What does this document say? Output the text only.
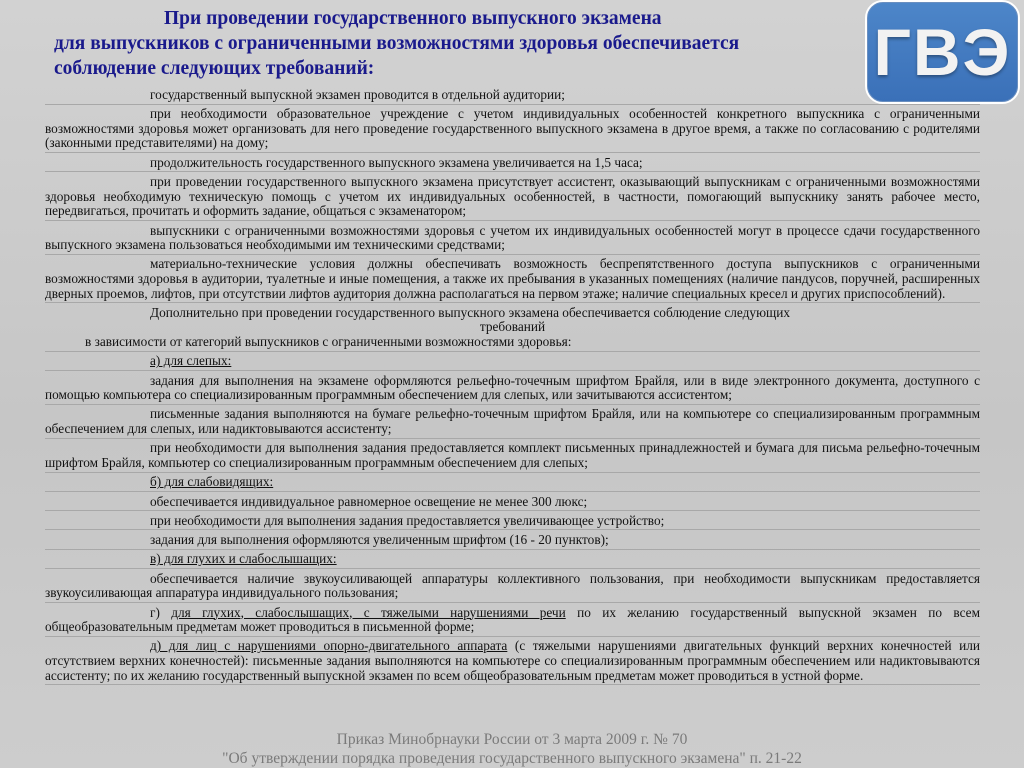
При проведении государственного выпускного экзамена
для выпускников с ограниченными возможностями здоровья обеспечивается
соблюдение следующих требований:	ГВЭ
государственный выпускной экзамен проводится в отдельной аудитории;
при необходимости образовательное учреждение с учетом индивидуальных особенностей конкретного выпускника с ограниченными возможностями здоровья может организовать для него проведение государственного выпускного экзамена в другое время, а также по согласованию с родителями (законными представителями) на дому;
продолжительность государственного выпускного экзамена увеличивается на 1,5 часа;
при проведении государственного выпускного экзамена присутствует ассистент, оказывающий выпускникам с ограниченными возможностями здоровья необходимую техническую помощь с учетом их индивидуальных особенностей, в частности, помогающий выпускнику занять рабочее место, передвигаться, прочитать и оформить задание, общаться с экзаменатором;
выпускники с ограниченными возможностями здоровья с учетом их индивидуальных особенностей могут в процессе сдачи государственного выпускного экзамена пользоваться необходимыми им техническими средствами;
материально-технические условия должны обеспечивать возможность беспрепятственного доступа выпускников с ограниченными возможностями здоровья в аудитории, туалетные и иные помещения, а также их пребывания в указанных помещениях (наличие пандусов, поручней, расширенных дверных проемов, лифтов, при отсутствии лифтов аудитория должна располагаться на первом этаже; наличие специальных кресел и других приспособлений).
Дополнительно при проведении государственного выпускного экзамена обеспечивается соблюдение следующих
требований
в зависимости от категорий выпускников с ограниченными возможностями здоровья:
а) для слепых:
задания для выполнения на экзамене оформляются рельефно-точечным шрифтом Брайля, или в виде электронного документа, доступного с помощью компьютера со специализированным программным обеспечением для слепых, или зачитываются ассистентом;
письменные задания выполняются на бумаге рельефно-точечным шрифтом Брайля, или на компьютере со специализированным программным обеспечением для слепых, или надиктовываются ассистенту;
при необходимости для выполнения задания предоставляется комплект письменных принадлежностей и бумага для письма рельефно-точечным шрифтом Брайля, компьютер со специализированным программным обеспечением для слепых;
б) для слабовидящих:
обеспечивается индивидуальное равномерное освещение не менее 300 люкс;
при необходимости для выполнения задания предоставляется увеличивающее устройство;
задания для выполнения оформляются увеличенным шрифтом (16 - 20 пунктов);
в) для глухих и слабослышащих:
обеспечивается наличие звукоусиливающей аппаратуры коллективного пользования, при необходимости выпускникам предоставляется звукоусиливающая аппаратура индивидуального пользования;
г) для глухих, слабослышащих, с тяжелыми нарушениями речи по их желанию государственный выпускной экзамен по всем общеобразовательным предметам может проводиться в письменной форме;
д) для лиц с нарушениями опорно-двигательного аппарата (с тяжелыми нарушениями двигательных функций верхних конечностей или отсутствием верхних конечностей): письменные задания выполняются на компьютере со специализированным программным обеспечением или надиктовываются ассистенту; по их желанию государственный выпускной экзамен по всем общеобразовательным предметам может проводиться в устной форме.
Приказ Минобрнауки России от 3 марта 2009 г. № 70
"Об утверждении порядка проведения государственного выпускного экзамена" п. 21-22
